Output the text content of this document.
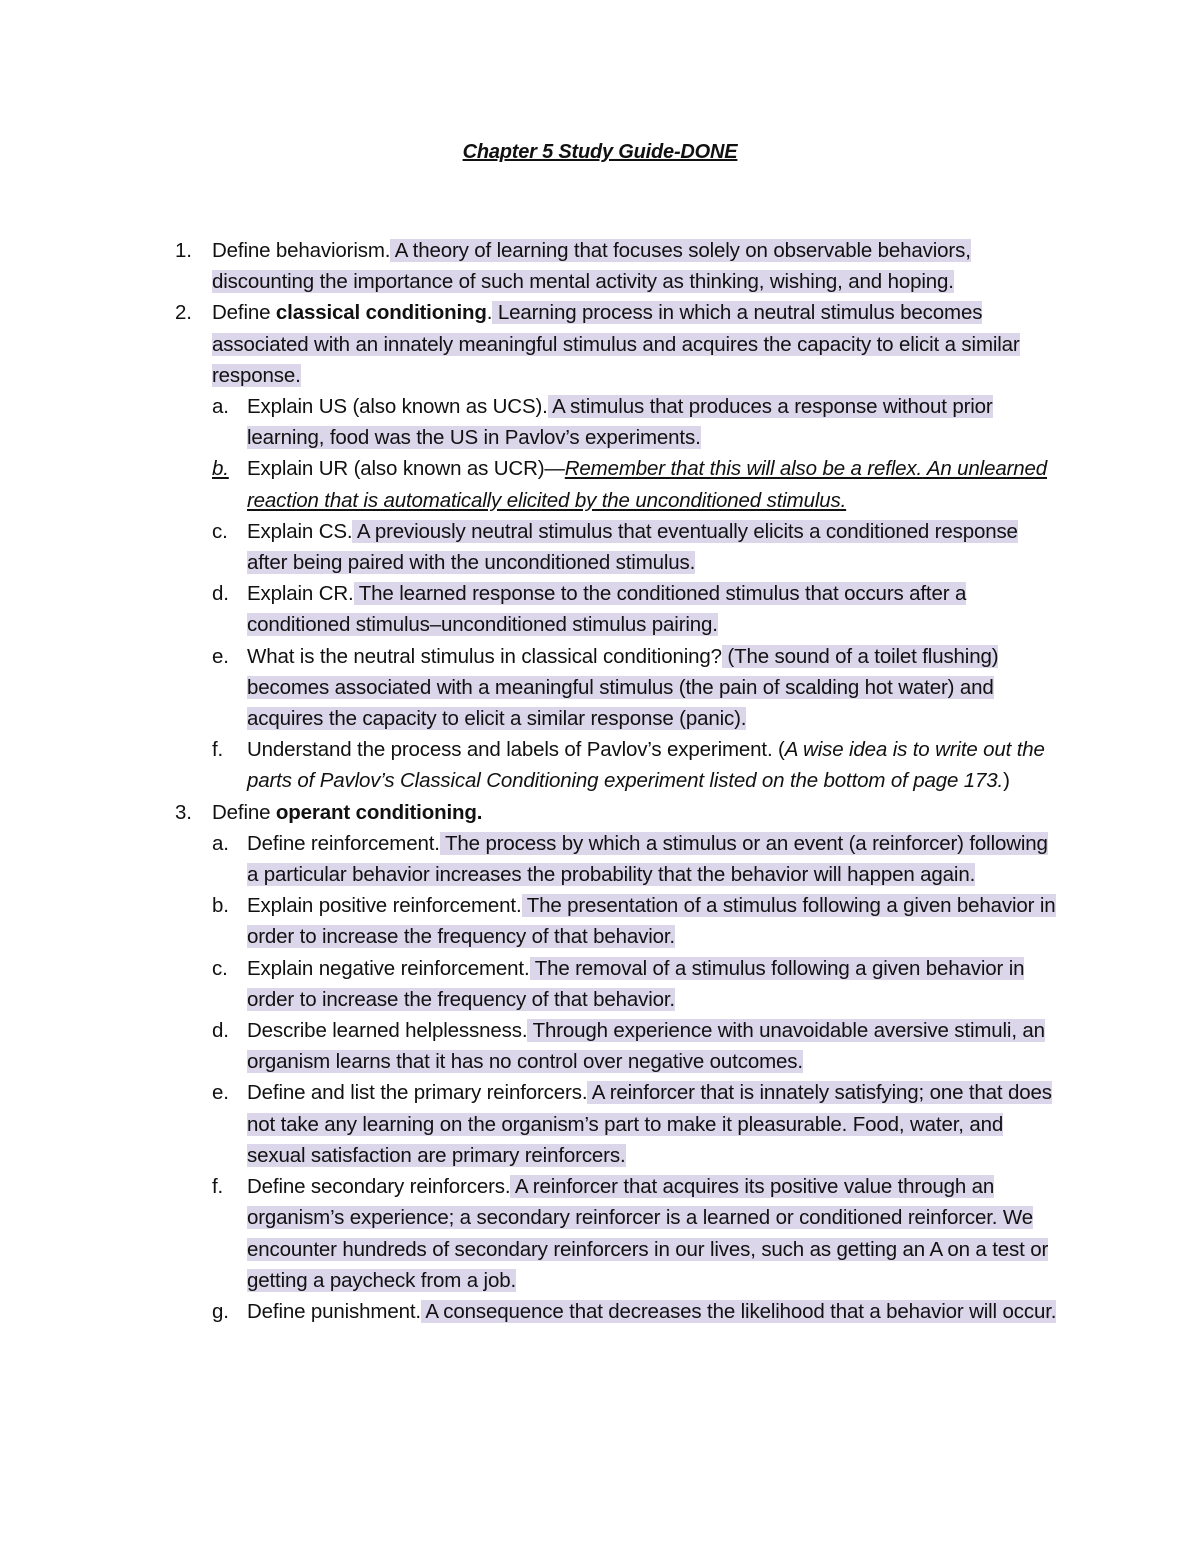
Chapter 5 Study Guide-DONE
1. Define behaviorism. A theory of learning that focuses solely on observable behaviors, discounting the importance of such mental activity as thinking, wishing, and hoping.
2. Define classical conditioning. Learning process in which a neutral stimulus becomes associated with an innately meaningful stimulus and acquires the capacity to elicit a similar response.
a. Explain US (also known as UCS). A stimulus that produces a response without prior learning, food was the US in Pavlov’s experiments.
b. Explain UR (also known as UCR)—Remember that this will also be a reflex. An unlearned reaction that is automatically elicited by the unconditioned stimulus.
c. Explain CS. A previously neutral stimulus that eventually elicits a conditioned response after being paired with the unconditioned stimulus.
d. Explain CR. The learned response to the conditioned stimulus that occurs after a conditioned stimulus–unconditioned stimulus pairing.
e. What is the neutral stimulus in classical conditioning? (The sound of a toilet flushing) becomes associated with a meaningful stimulus (the pain of scalding hot water) and acquires the capacity to elicit a similar response (panic).
f. Understand the process and labels of Pavlov’s experiment. (A wise idea is to write out the parts of Pavlov’s Classical Conditioning experiment listed on the bottom of page 173.)
3. Define operant conditioning.
a. Define reinforcement. The process by which a stimulus or an event (a reinforcer) following a particular behavior increases the probability that the behavior will happen again.
b. Explain positive reinforcement. The presentation of a stimulus following a given behavior in order to increase the frequency of that behavior.
c. Explain negative reinforcement. The removal of a stimulus following a given behavior in order to increase the frequency of that behavior.
d. Describe learned helplessness. Through experience with unavoidable aversive stimuli, an organism learns that it has no control over negative outcomes.
e. Define and list the primary reinforcers. A reinforcer that is innately satisfying; one that does not take any learning on the organism’s part to make it pleasurable. Food, water, and sexual satisfaction are primary reinforcers.
f. Define secondary reinforcers. A reinforcer that acquires its positive value through an organism’s experience; a secondary reinforcer is a learned or conditioned reinforcer. We encounter hundreds of secondary reinforcers in our lives, such as getting an A on a test or getting a paycheck from a job.
g. Define punishment. A consequence that decreases the likelihood that a behavior will occur.
